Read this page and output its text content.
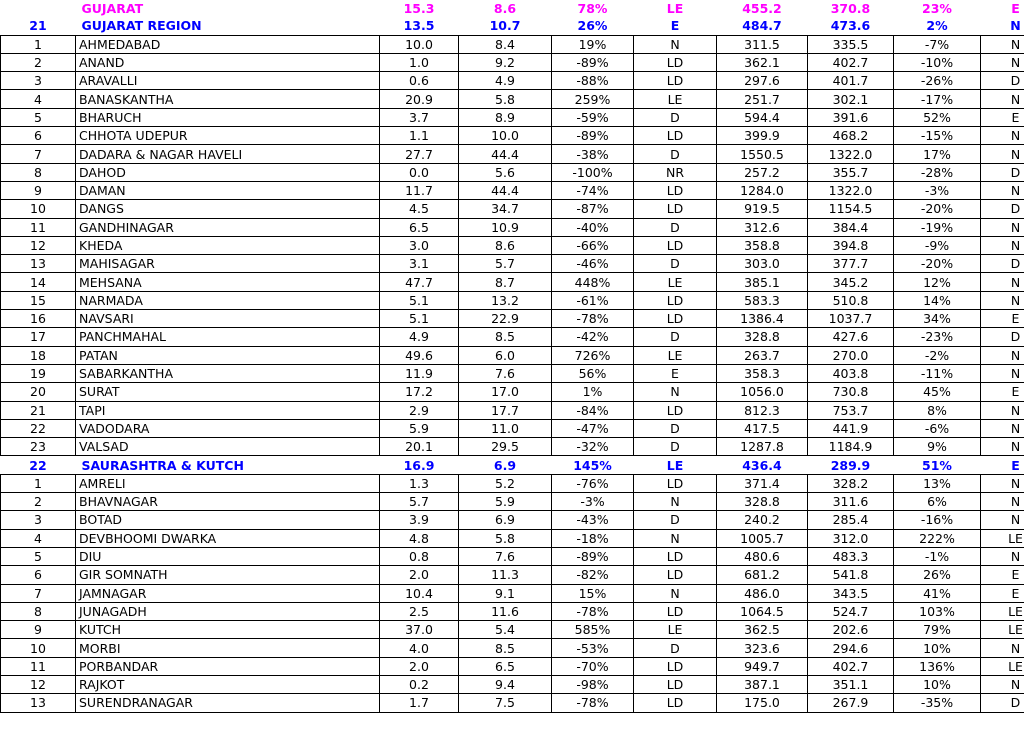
	GUJARAT	15.3	8.6	78%	LE	455.2	370.8	23%	E
21	GUJARAT REGION	13.5	10.7	26%	E	484.7	473.6	2%	N
1	AHMEDABAD	10.0	8.4	19%	N	311.5	335.5	-7%	N
2	ANAND	1.0	9.2	-89%	LD	362.1	402.7	-10%	N
3	ARAVALLI	0.6	4.9	-88%	LD	297.6	401.7	-26%	D
4	BANASKANTHA	20.9	5.8	259%	LE	251.7	302.1	-17%	N
5	BHARUCH	3.7	8.9	-59%	D	594.4	391.6	52%	E
6	CHHOTA UDEPUR	1.1	10.0	-89%	LD	399.9	468.2	-15%	N
7	DADARA & NAGAR HAVELI	27.7	44.4	-38%	D	1550.5	1322.0	17%	N
8	DAHOD	0.0	5.6	-100%	NR	257.2	355.7	-28%	D
9	DAMAN	11.7	44.4	-74%	LD	1284.0	1322.0	-3%	N
10	DANGS	4.5	34.7	-87%	LD	919.5	1154.5	-20%	D
11	GANDHINAGAR	6.5	10.9	-40%	D	312.6	384.4	-19%	N
12	KHEDA	3.0	8.6	-66%	LD	358.8	394.8	-9%	N
13	MAHISAGAR	3.1	5.7	-46%	D	303.0	377.7	-20%	D
14	MEHSANA	47.7	8.7	448%	LE	385.1	345.2	12%	N
15	NARMADA	5.1	13.2	-61%	LD	583.3	510.8	14%	N
16	NAVSARI	5.1	22.9	-78%	LD	1386.4	1037.7	34%	E
17	PANCHMAHAL	4.9	8.5	-42%	D	328.8	427.6	-23%	D
18	PATAN	49.6	6.0	726%	LE	263.7	270.0	-2%	N
19	SABARKANTHA	11.9	7.6	56%	E	358.3	403.8	-11%	N
20	SURAT	17.2	17.0	1%	N	1056.0	730.8	45%	E
21	TAPI	2.9	17.7	-84%	LD	812.3	753.7	8%	N
22	VADODARA	5.9	11.0	-47%	D	417.5	441.9	-6%	N
23	VALSAD	20.1	29.5	-32%	D	1287.8	1184.9	9%	N
22	SAURASHTRA & KUTCH	16.9	6.9	145%	LE	436.4	289.9	51%	E
1	AMRELI	1.3	5.2	-76%	LD	371.4	328.2	13%	N
2	BHAVNAGAR	5.7	5.9	-3%	N	328.8	311.6	6%	N
3	BOTAD	3.9	6.9	-43%	D	240.2	285.4	-16%	N
4	DEVBHOOMI DWARKA	4.8	5.8	-18%	N	1005.7	312.0	222%	LE
5	DIU	0.8	7.6	-89%	LD	480.6	483.3	-1%	N
6	GIR SOMNATH	2.0	11.3	-82%	LD	681.2	541.8	26%	E
7	JAMNAGAR	10.4	9.1	15%	N	486.0	343.5	41%	E
8	JUNAGADH	2.5	11.6	-78%	LD	1064.5	524.7	103%	LE
9	KUTCH	37.0	5.4	585%	LE	362.5	202.6	79%	LE
10	MORBI	4.0	8.5	-53%	D	323.6	294.6	10%	N
11	PORBANDAR	2.0	6.5	-70%	LD	949.7	402.7	136%	LE
12	RAJKOT	0.2	9.4	-98%	LD	387.1	351.1	10%	N
13	SURENDRANAGAR	1.7	7.5	-78%	LD	175.0	267.9	-35%	D
